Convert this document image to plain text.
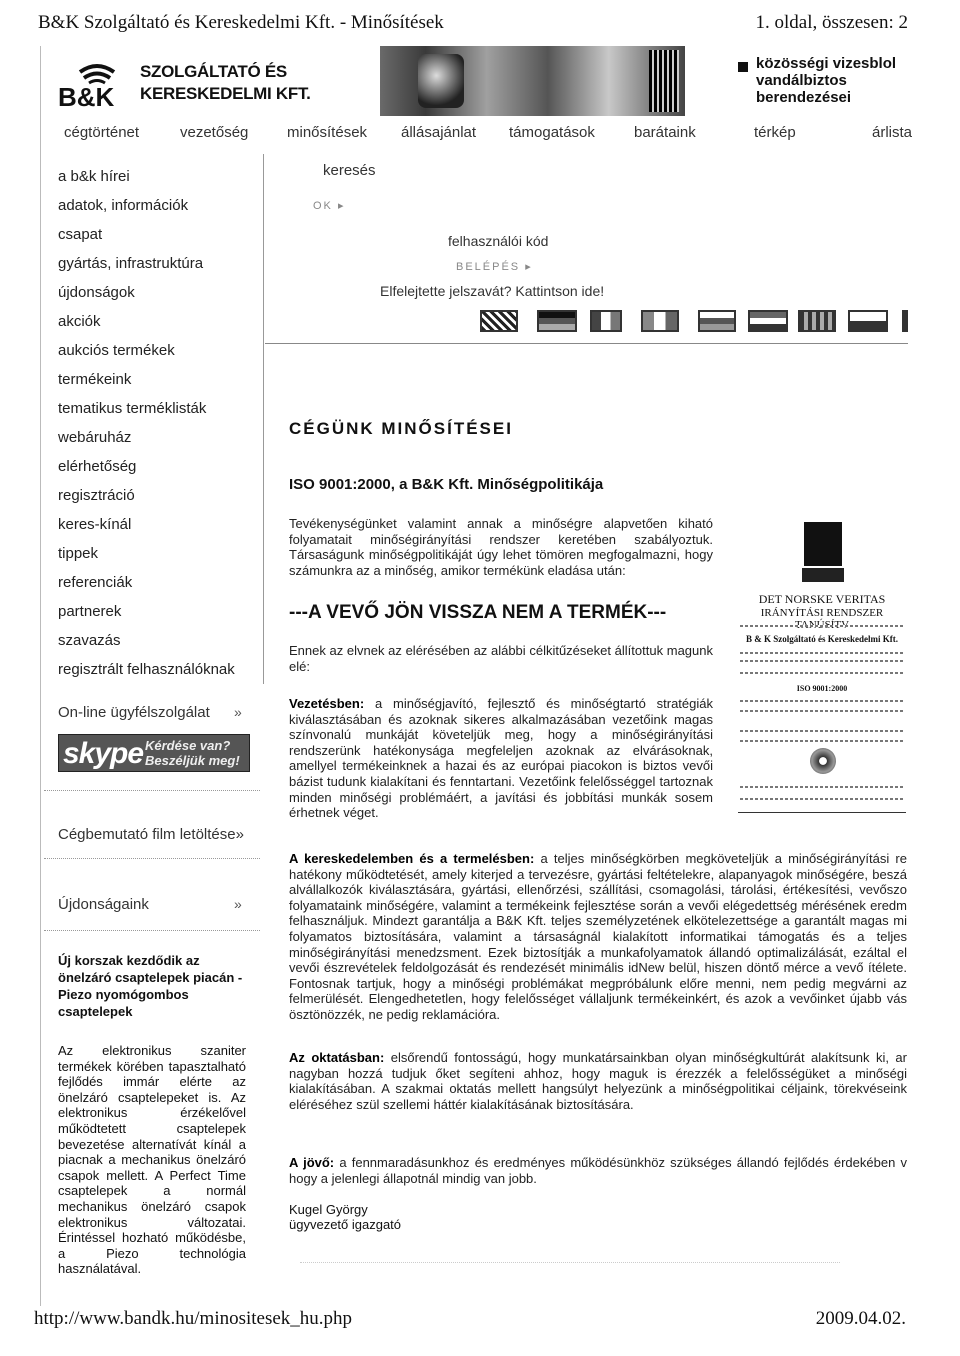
B&K Szolgáltató és Kereskedelmi Kft. - Minősítések	1. oldal, összesen: 2
B&K
SZOLGÁLTATÓ ÉS
KERESKEDELMI KFT.
közösségi vizesblol
vandálbiztos
berendezései
cégtörténet	vezetőség	minősítések állásajánlat támogatások	barátaink	térkép	árlista
a b&k hírei
adatok, információk
csapat
gyártás, infrastruktúra
újdonságok
akciók
aukciós termékek
termékeink
tematikus terméklisták
webáruház
elérhetőség
regisztráció
keres-kínál
tippek
referenciák
partnerek
szavazás
regisztrált felhasználóknak
On-line ügyfélszolgálat »
skype Kérdése van?
Beszéljük meg!
Cégbemutató film letöltése»
Újdonságaink	»
Új korszak kezdődik az önelzáró csaptelepek piacán - Piezo nyomógombos csaptelepek
Az elektronikus szaniter termékek körében tapasztalható fejlődés immár elérte az önelzáró csaptelepeket is. Az elektronikus érzékelővel működtetett csaptelepek bevezetése alternatívát kínál a piacnak a mechanikus önelzáró csapok mellett. A Perfect Time csaptelepek a normál mechanikus önelzáró csapok elektronikus változatai. Érintéssel hozható működésbe, a Piezo technológia használatával.
keresés
OK ▸
felhasználói kód
BELÉPÉS ▸
Elfelejtette jelszavát? Kattintson ide!
CÉGÜNK MINŐSÍTÉSEI
ISO 9001:2000, a B&K Kft. Minőségpolitikája
Tevékenységünket valamint annak a minőségre alapvetően kiható folyamatait minőségirányítási rendszer keretében szabályoztuk. Társaságunk minőségpolitikáját úgy lehet tömören megfogalmazni, hogy számunkra az a minőség, amikor termékünk eladása után:
---A VEVŐ JÖN VISSZA NEM A TERMÉK---
Ennek az elvnek az elérésében az alábbi célkitűzéseket állítottuk magunk elé:
Vezetésben: a minőségjavító, fejlesztő és minőségtartó stratégiák kiválasztásában és azoknak sikeres alkalmazásában vezetőink magas színvonalú munkáját követeljük meg, hogy a minőségirányítási rendszerünk hatékonysága megfeleljen azoknak az elvárásoknak, amellyel termékeinknek a hazai és az európai piacokon is biztos vevői bázist tudunk kialakítani és fenntartani. Vezetőink felelősséggel tartoznak minden minőségi problémáért, a javítási és jobbítási munkák sosem érhetnek véget.
DET NORSKE VERITAS
IRÁNYÍTÁSI RENDSZER
B & K Szolgáltató és Kereskedelmi Kft.
ISO 9001:2000
A kereskedelemben és a termelésben: a teljes minőségkörben megköveteljük a minőségirányítási re hatékony működtetését, amely kiterjed a tervezésre, gyártási feltételekre, alapanyagok minőségére, beszá alvállalkozók kiválasztására, gyártási, ellenőrzési, szállítási, csomagolási, tárolási, értékesítési, vevőszo folyamataink minőségére, valamint a termékeink fejlesztése során a vevői elégedettség mérésének eredm felhasználjuk. Mindezt garantálja a B&K Kft. teljes személyzetének elkötelezettsége a garantált magas mi folyamatos biztosítására, valamint a társaságnál kialakított informatikai támogatás és a teljes minőségirányítási menedzsment. Ezek biztosítják a munkafolyamatok állandó optimalizálását, ezáltal el vevői észrevételek feldolgozását és rendezését minimális idNew belül, hiszen döntő mérce a vevő ítélete. Fontosnak tartjuk, hogy a minőségi problémákat megpróbálunk előre menni, nem pedig megvárni az felmerülését. Elengedhetetlen, hogy felelősséget vállaljunk termékeinkért, és azok a vevőinket újabb vás ösztönözzék, ne pedig reklamációra.
Az oktatásban: elsőrendű fontosságú, hogy munkatársainkban olyan minőségkultúrát alakítsunk ki, ar nagyban hozzá tudjuk őket segíteni ahhoz, hogy maguk is érezzék a felelősségüket a minőségi kialakításában. A szakmai oktatás mellett hangsúlyt helyezünk a minőségpolitikai céljaink, törekvéseink eléréséhez szül szellemi háttér kialakításának biztosítására.
A jövő: a fennmaradásunkhoz és eredményes működésünkhöz szükséges állandó fejlődés érdekében v hogy a jelenlegi állapotnál mindig van jobb.
Kugel György
ügyvezető igazgató
http://www.bandk.hu/minositesek_hu.php	2009.04.02.
